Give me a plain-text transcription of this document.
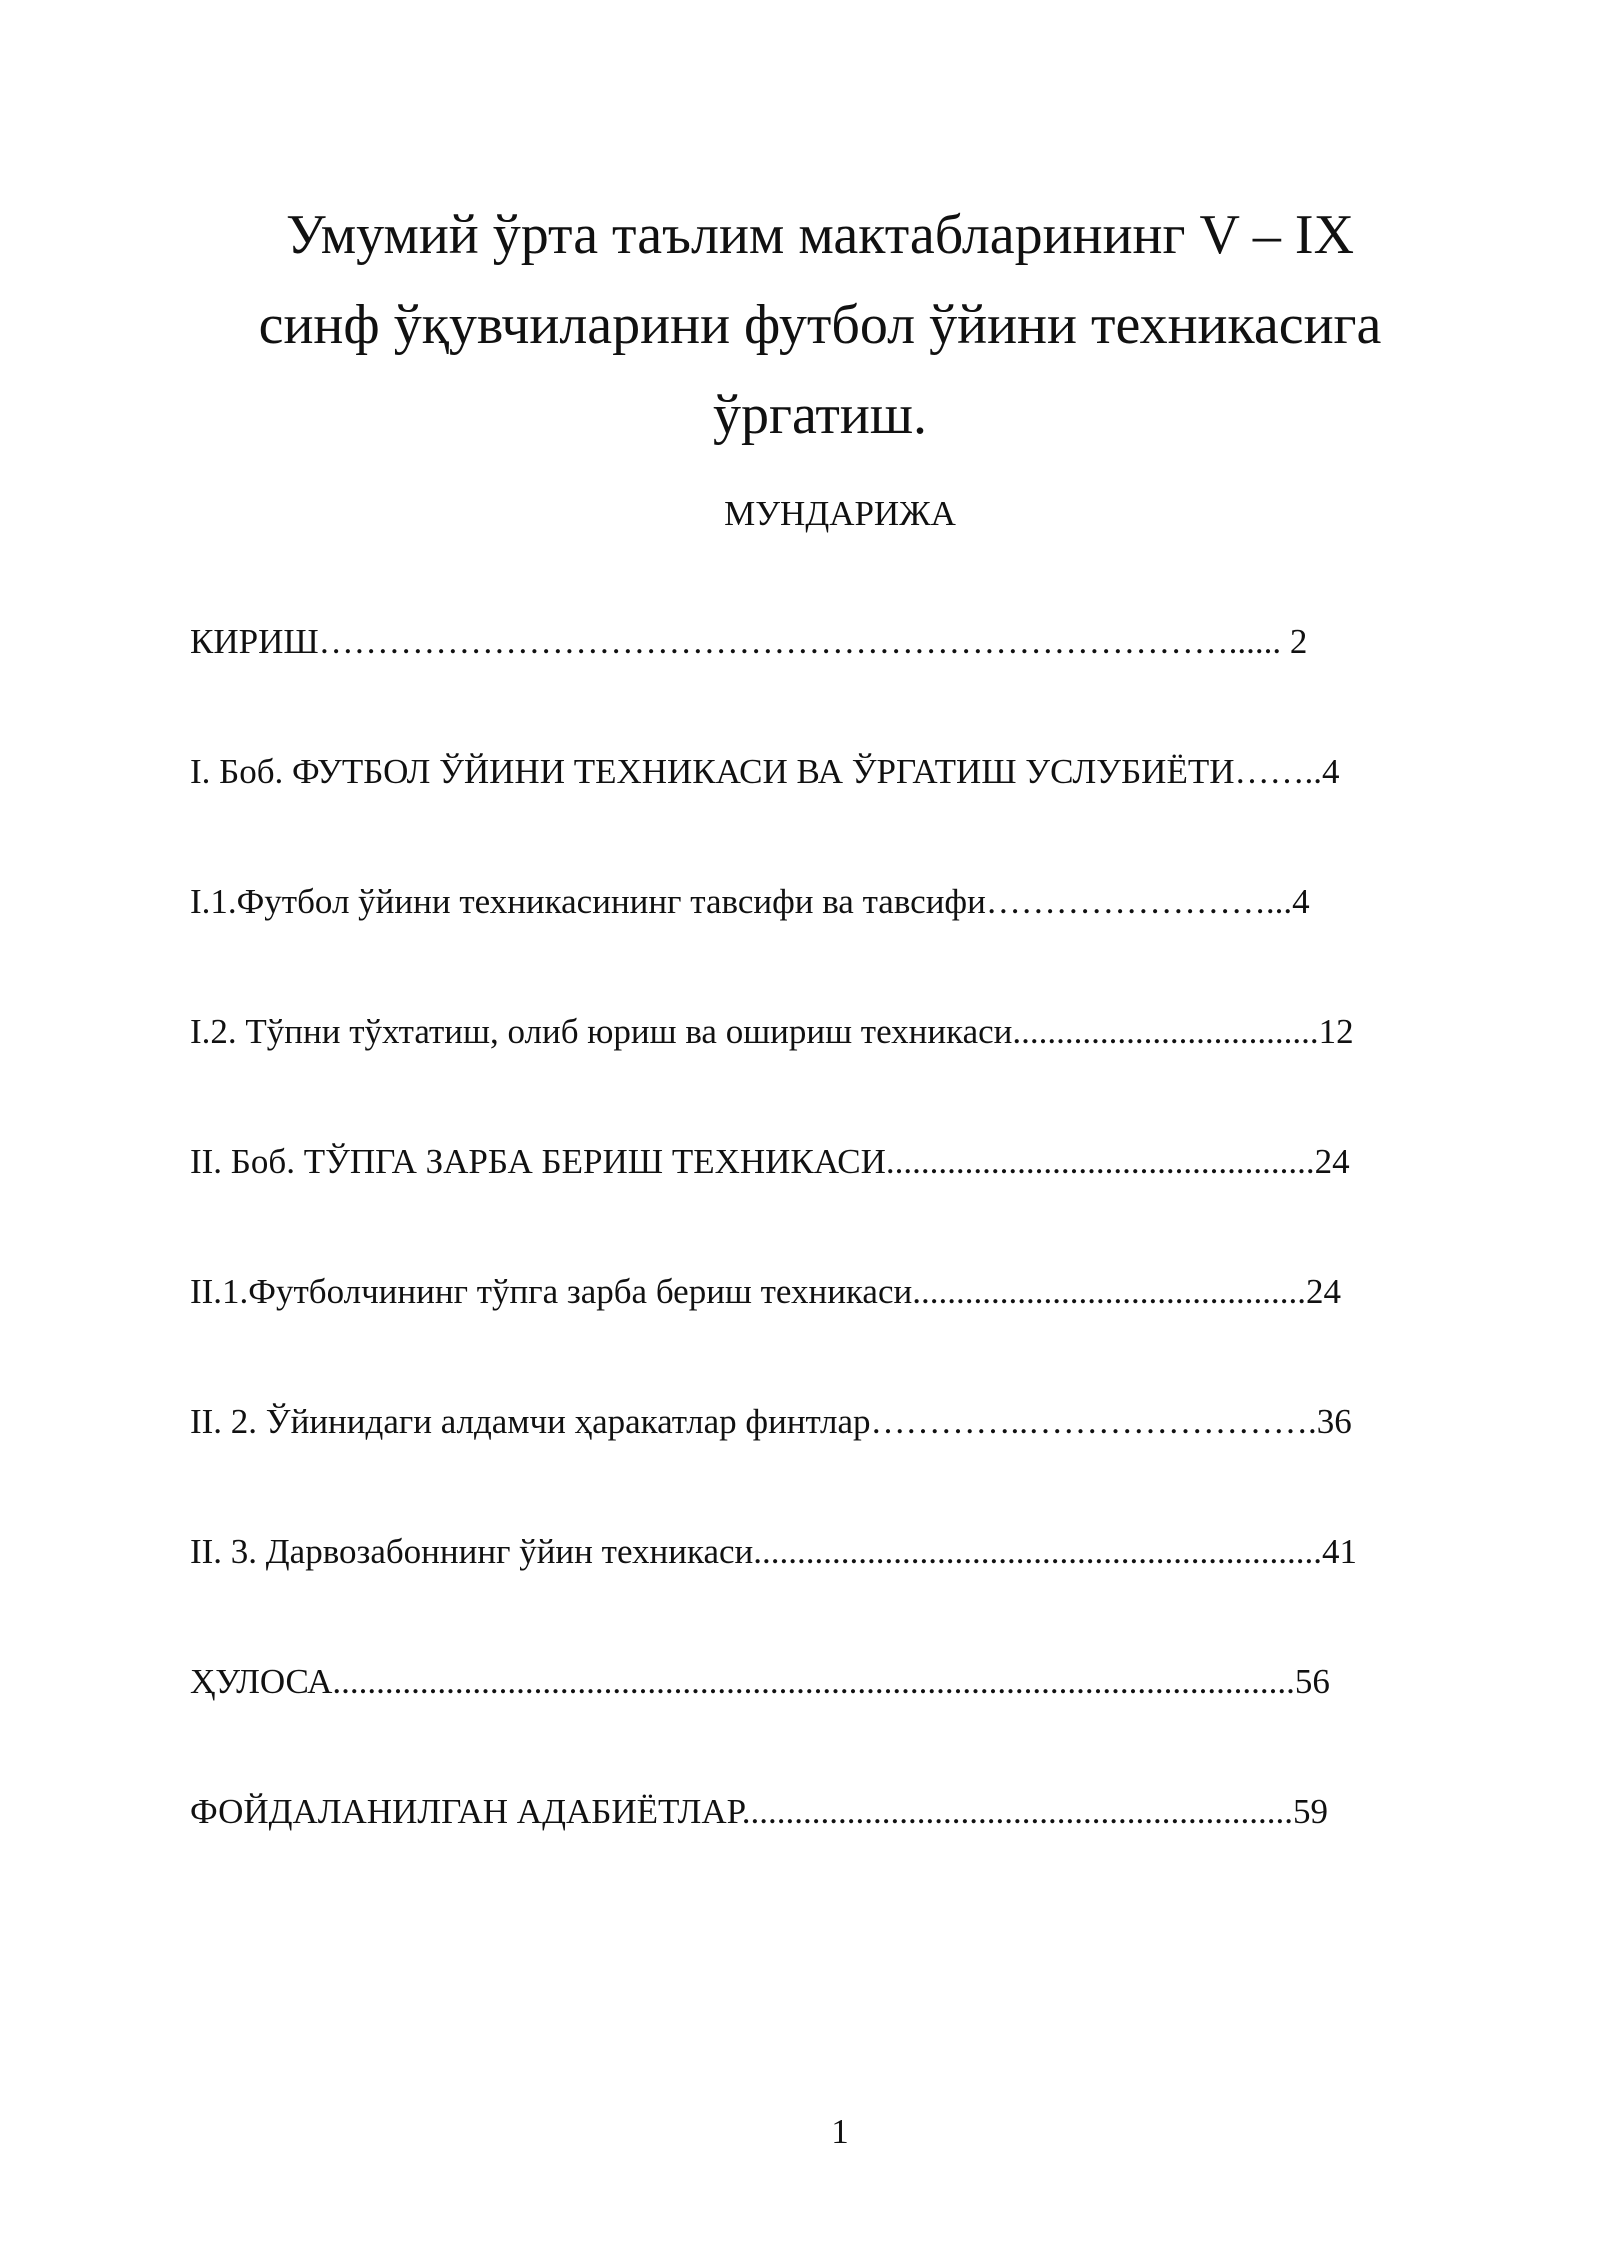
Умумий ўрта таълим мактабларининг V – IX
синф ўқувчиларини футбол ўйини техникасига
ўргатиш.
МУНДАРИЖА
КИРИШ……………………………………………………………………...... 2
I. Боб. ФУТБОЛ ЎЙИНИ ТЕХНИКАСИ ВА ЎРГАТИШ УСЛУБИЁТИ……..4
I.1.Футбол ўйини техникасининг тавсифи ва тавсифи……………………...4
I.2. Тўпни тўхтатиш, олиб юриш ва ошириш техникаси...................................12
II. Боб. ТЎПГА ЗАРБА БЕРИШ ТЕХНИКАСИ.................................................24
II.1.Футболчининг тўпга зарба бериш техникаси.............................................24
II. 2. Ўйинидаги алдамчи ҳаракатлар финтлар…………..…………………….36
II. 3. Дарвозабоннинг ўйин техникаси.................................................................41
ҲУЛОСА..............................................................................................................56
ФОЙДАЛАНИЛГАН АДАБИЁТЛАР...............................................................59
1
